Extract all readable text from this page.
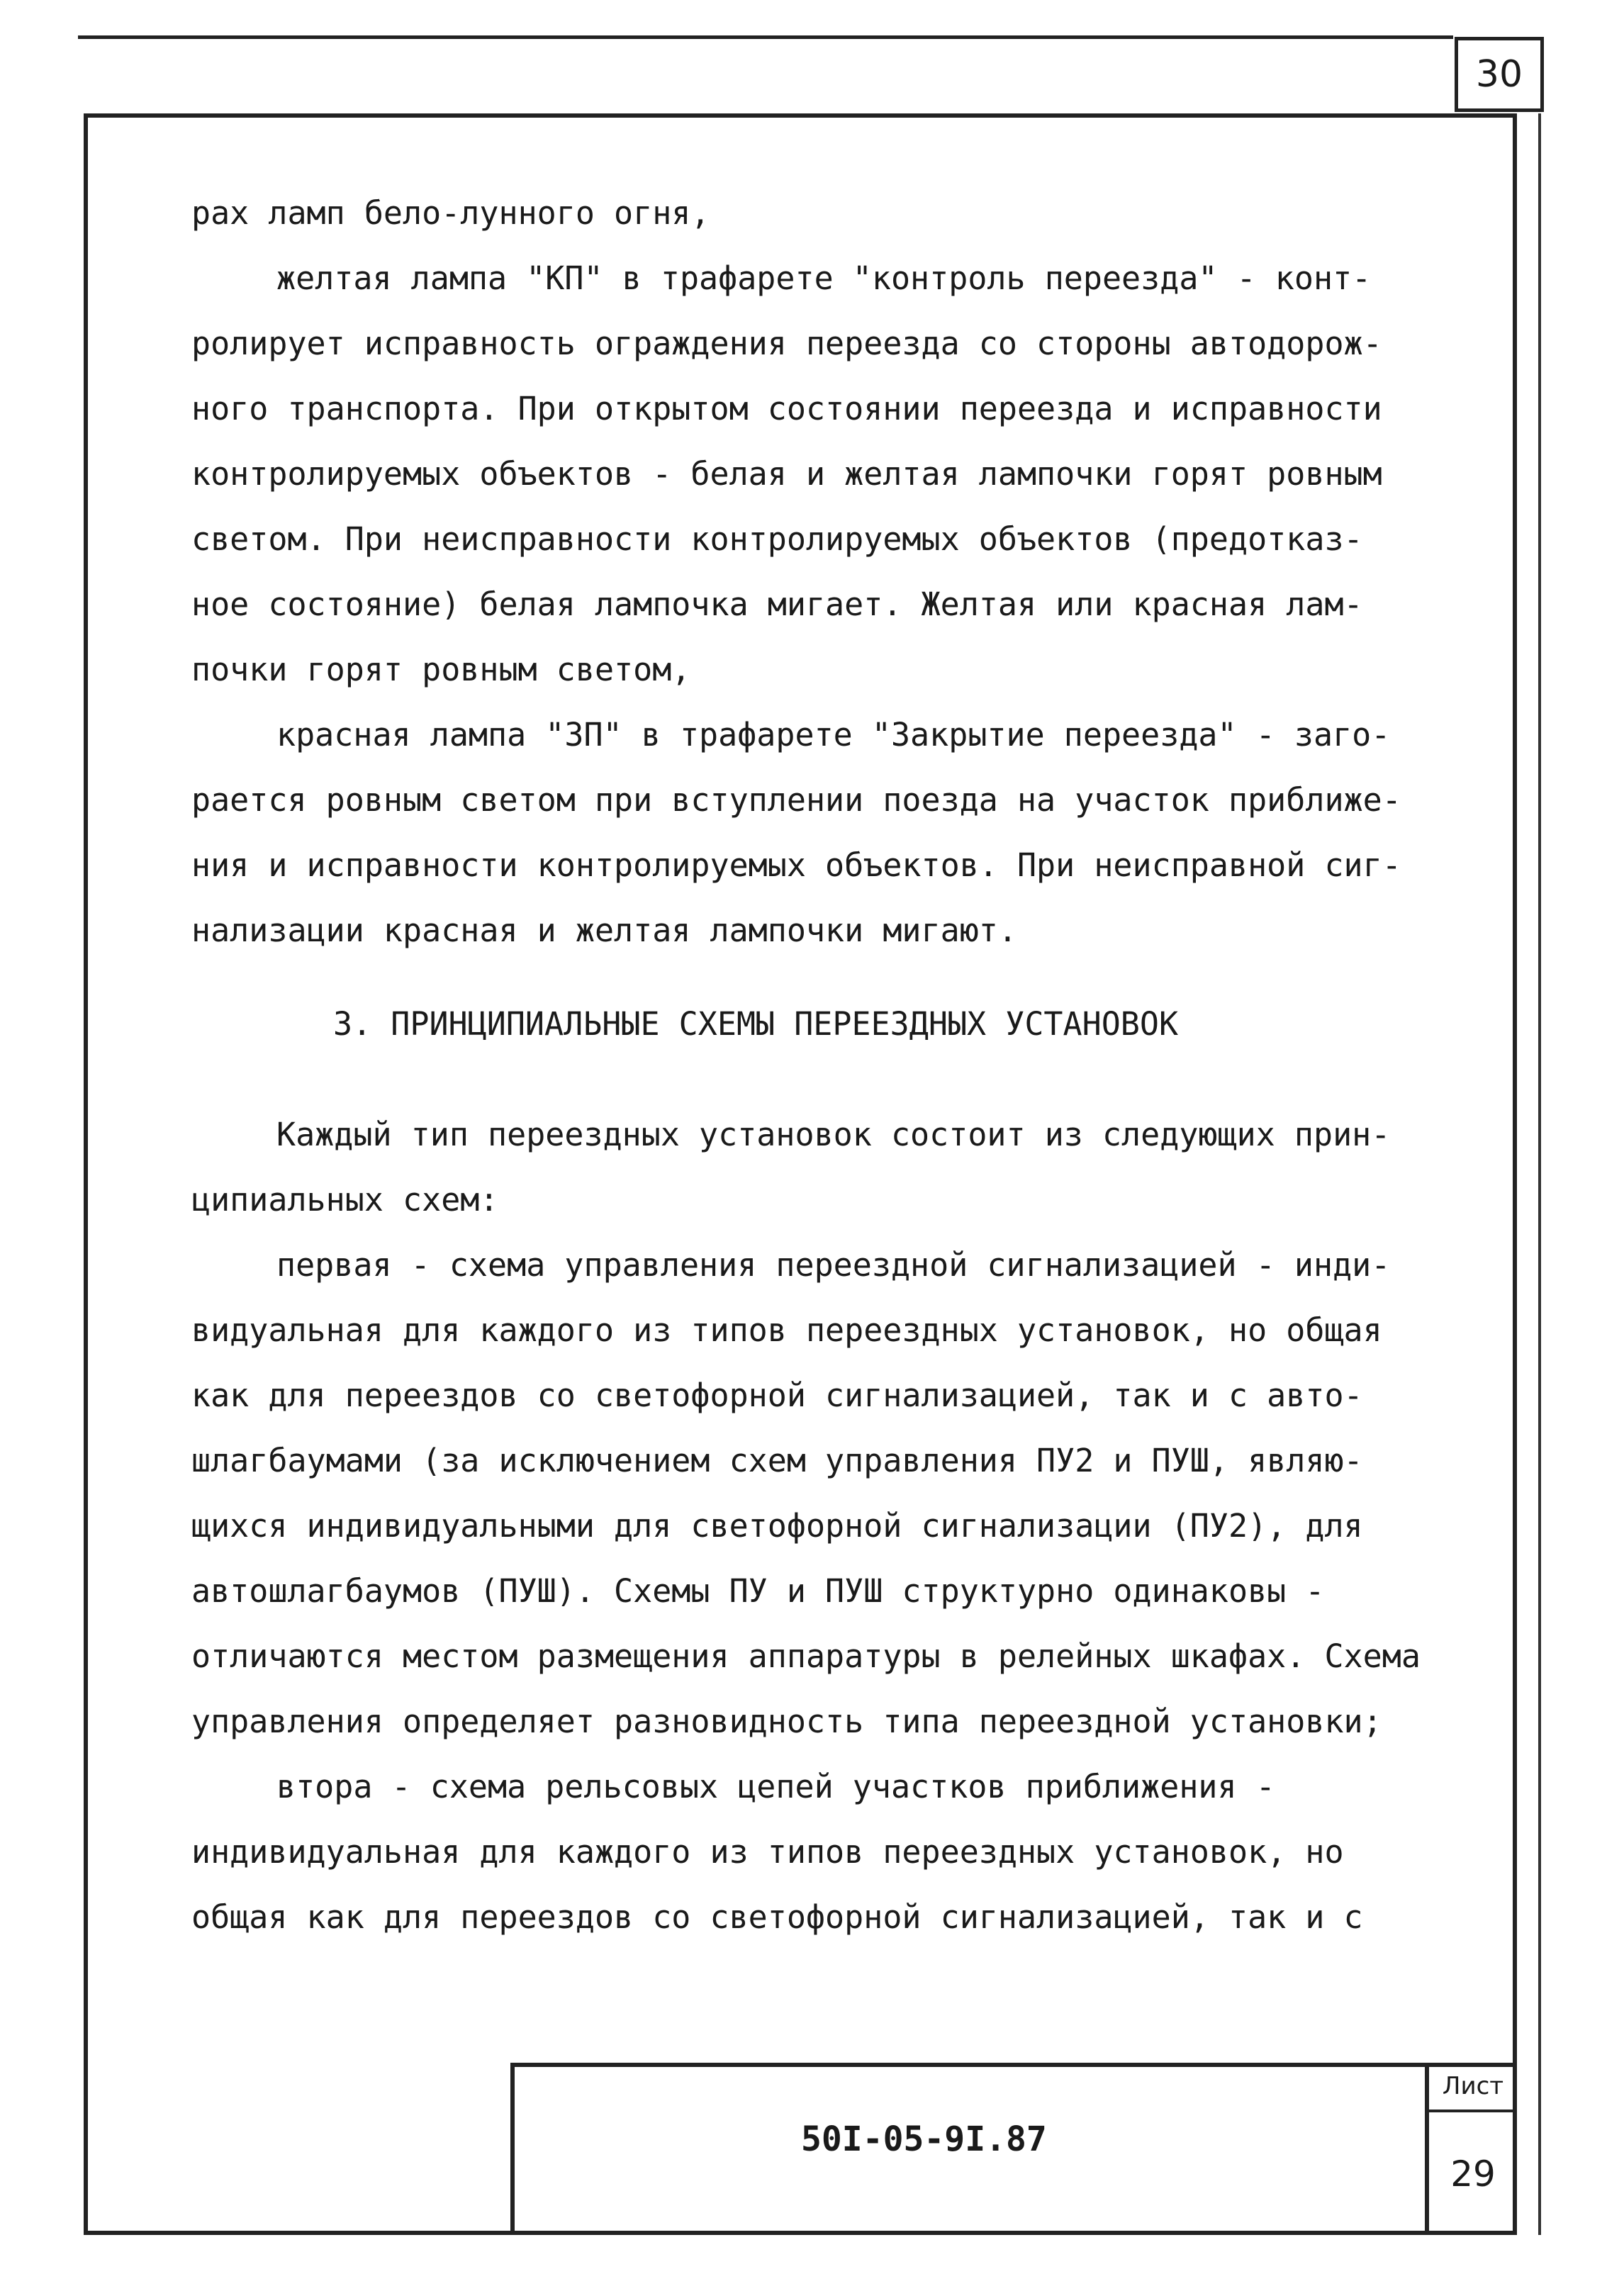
30

рах ламп бело-лунного огня,

желтая лампа "КП" в трафарете "контроль переезда" - конт-

ролирует исправность ограждения переезда со стороны автодорож-

ного транспорта. При открытом состоянии переезда и исправности

контролируемых объектов - белая и желтая лампочки горят ровным

светом. При неисправности контролируемых объектов (предотказ-

ное состояние) белая лампочка мигает. Желтая или красная лам-

почки горят ровным светом,

красная лампа "ЗП" в трафарете "Закрытие переезда" - заго-

рается ровным светом при вступлении поезда на участок приближе-

ния и исправности контролируемых объектов. При неисправной сиг-

нализации красная и желтая лампочки мигают.

3. ПРИНЦИПИАЛЬНЫЕ СХЕМЫ ПЕРЕЕЗДНЫХ УСТАНОВОК

Каждый тип переездных установок состоит из следующих прин-

ципиальных схем:

первая - схема управления переездной сигнализацией - инди-

видуальная для каждого из типов переездных установок, но общая

как для переездов со светофорной сигнализацией, так и с авто-

шлагбаумами (за исключением схем управления ПУ2 и ПУШ, являю-

щихся индивидуальными для светофорной сигнализации (ПУ2), для

автошлагбаумов (ПУШ). Схемы ПУ и ПУШ структурно одинаковы -

отличаются местом размещения аппаратуры в релейных шкафах. Схема

управления определяет разновидность типа переездной установки;

втора - схема рельсовых цепей участков приближения -

индивидуальная для каждого из типов переездных установок, но

общая как для переездов со светофорной сигнализацией, так и с

50I-05-9I.87
Лист
29
